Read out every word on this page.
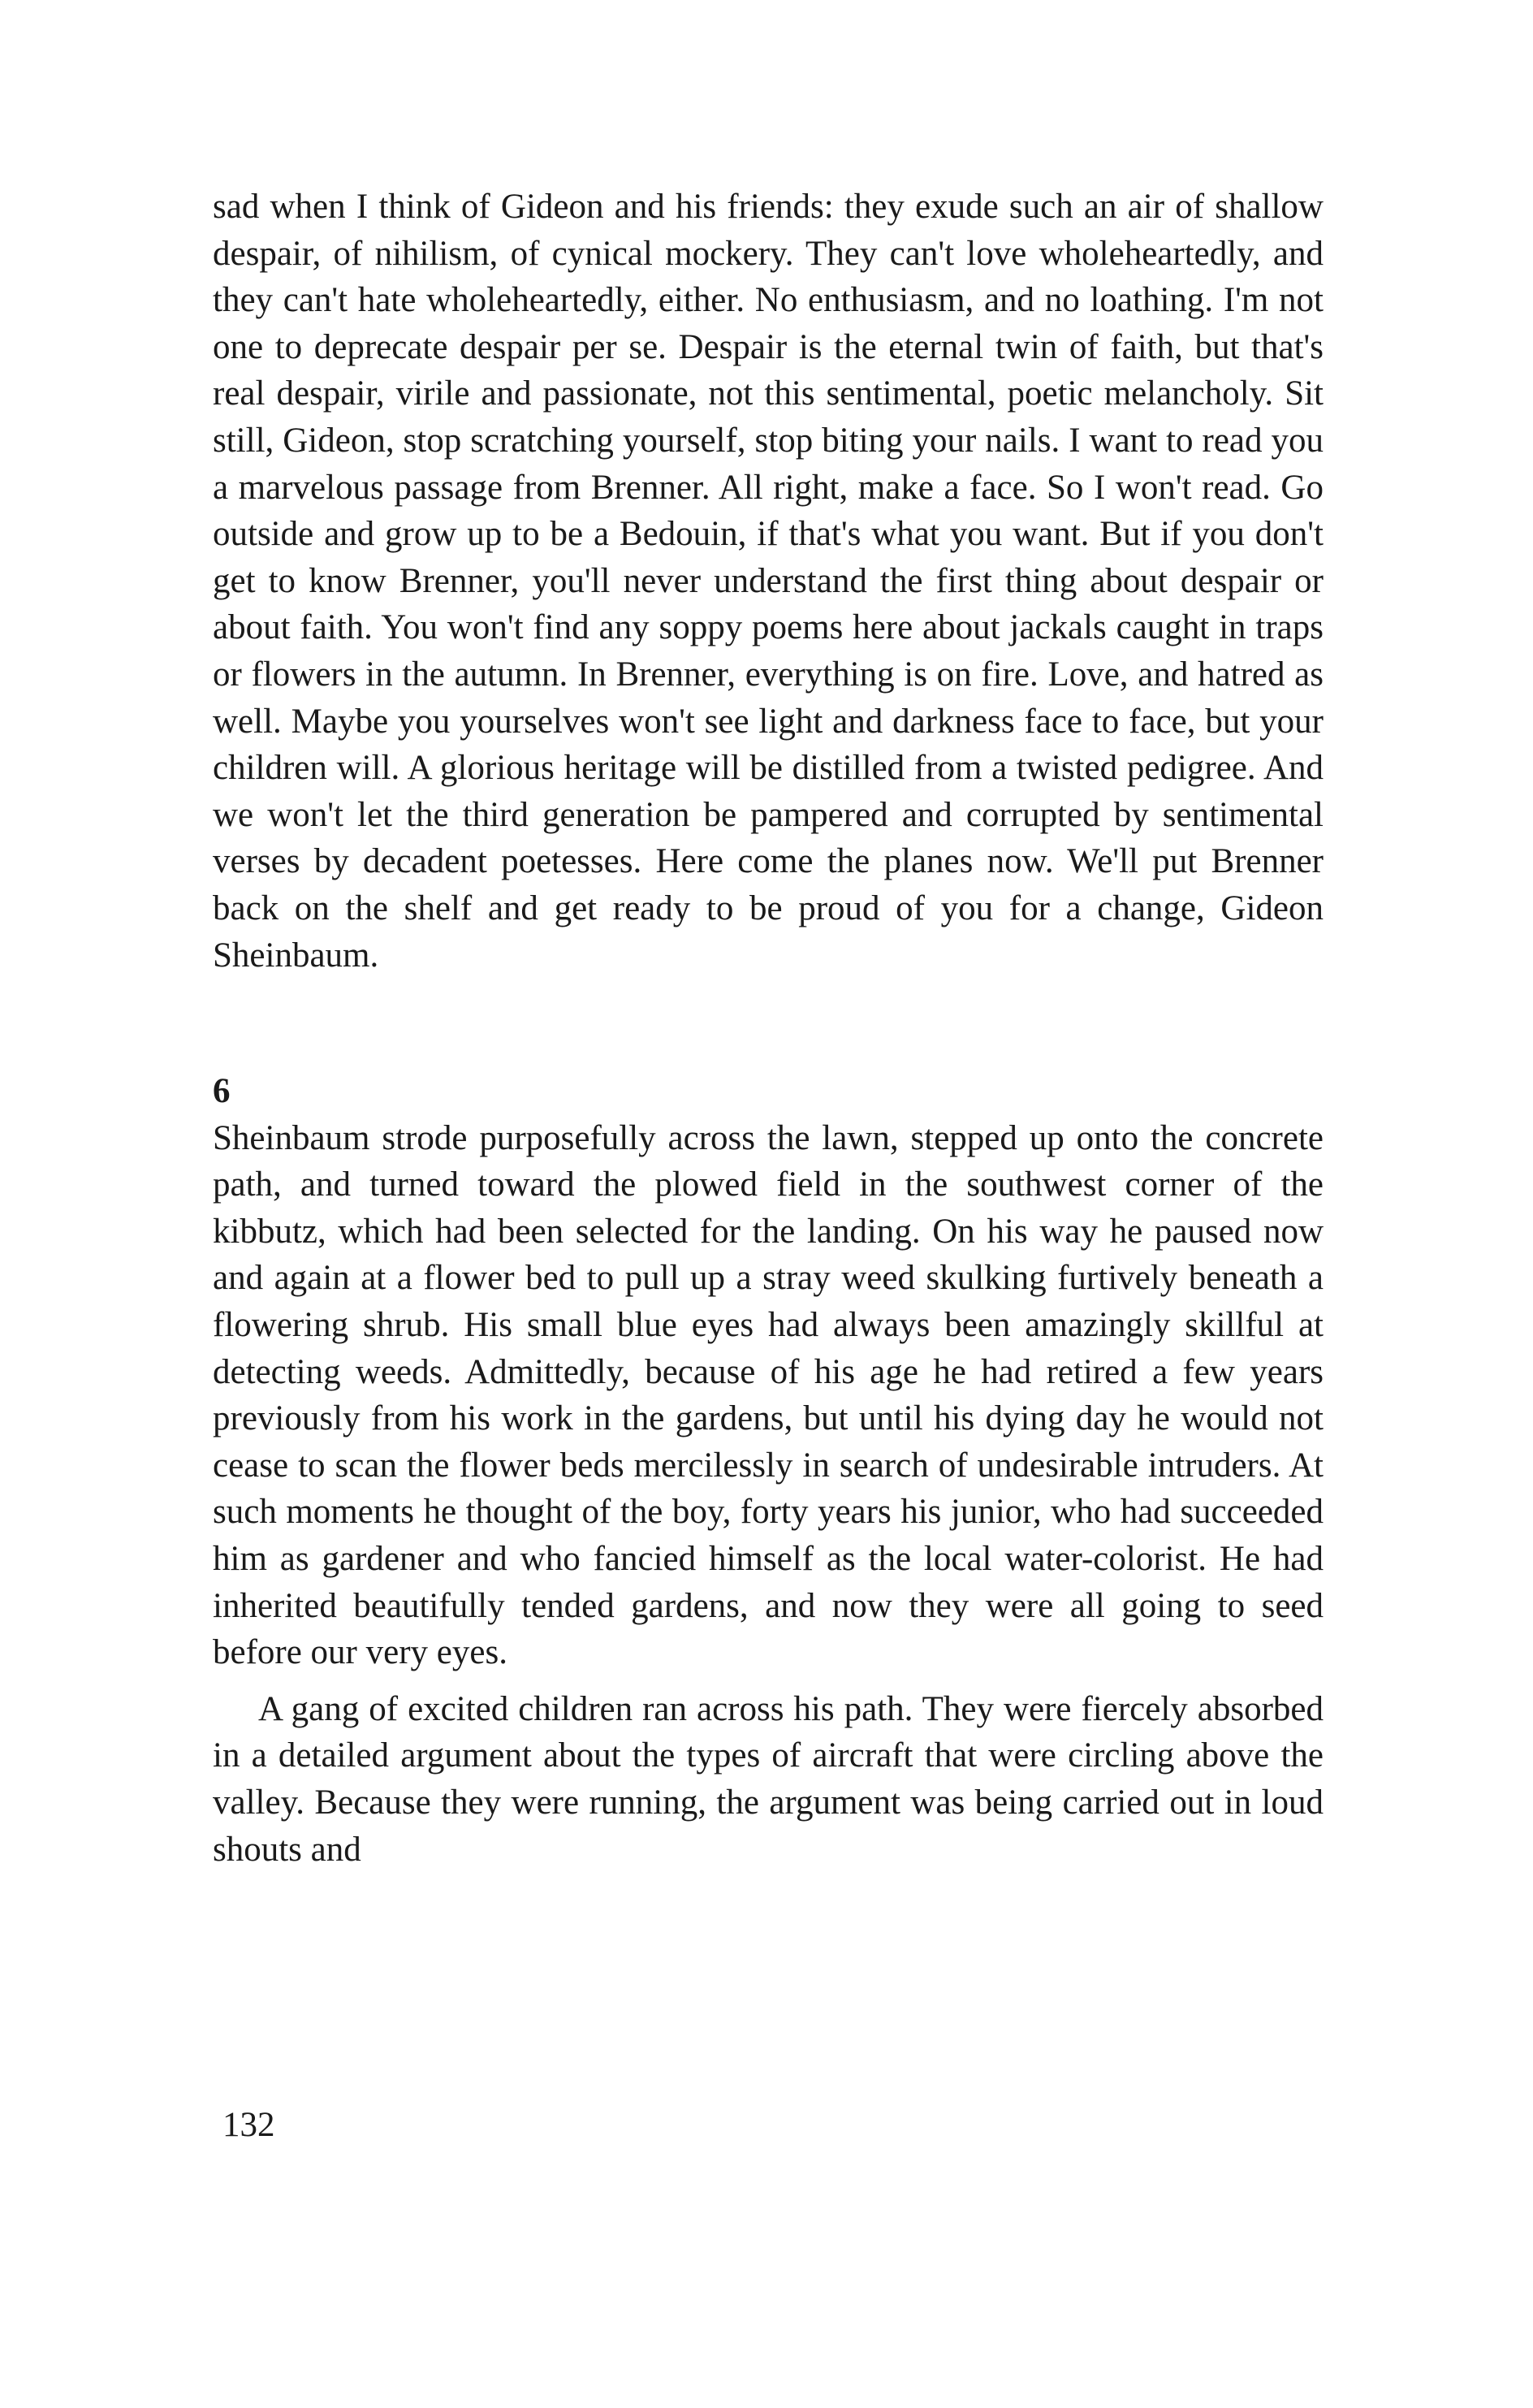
sad when I think of Gideon and his friends: they exude such an air of shallow despair, of nihilism, of cynical mockery. They can't love wholeheartedly, and they can't hate wholeheartedly, either. No enthusiasm, and no loathing. I'm not one to deprecate despair per se. Despair is the eternal twin of faith, but that's real despair, virile and passionate, not this sentimental, poetic melancholy. Sit still, Gideon, stop scratching yourself, stop biting your nails. I want to read you a marvelous passage from Brenner. All right, make a face. So I won't read. Go outside and grow up to be a Bedouin, if that's what you want. But if you don't get to know Brenner, you'll never understand the first thing about despair or about faith. You won't find any soppy poems here about jackals caught in traps or flowers in the autumn. In Brenner, everything is on fire. Love, and hatred as well. Maybe you yourselves won't see light and darkness face to face, but your children will. A glorious heritage will be distilled from a twisted pedigree. And we won't let the third generation be pampered and corrupted by sentimental verses by decadent poetesses. Here come the planes now. We'll put Brenner back on the shelf and get ready to be proud of you for a change, Gideon Sheinbaum.

6

Sheinbaum strode purposefully across the lawn, stepped up onto the concrete path, and turned toward the plowed field in the southwest corner of the kibbutz, which had been selected for the landing. On his way he paused now and again at a flower bed to pull up a stray weed skulking furtively beneath a flowering shrub. His small blue eyes had always been amazingly skillful at detecting weeds. Admittedly, because of his age he had retired a few years previously from his work in the gardens, but until his dying day he would not cease to scan the flower beds mercilessly in search of undesirable intruders. At such moments he thought of the boy, forty years his junior, who had succeeded him as gardener and who fancied himself as the local water-colorist. He had inherited beautifully tended gardens, and now they were all going to seed before our very eyes.

A gang of excited children ran across his path. They were fiercely absorbed in a detailed argument about the types of aircraft that were circling above the valley. Because they were running, the argument was being carried out in loud shouts and

132
